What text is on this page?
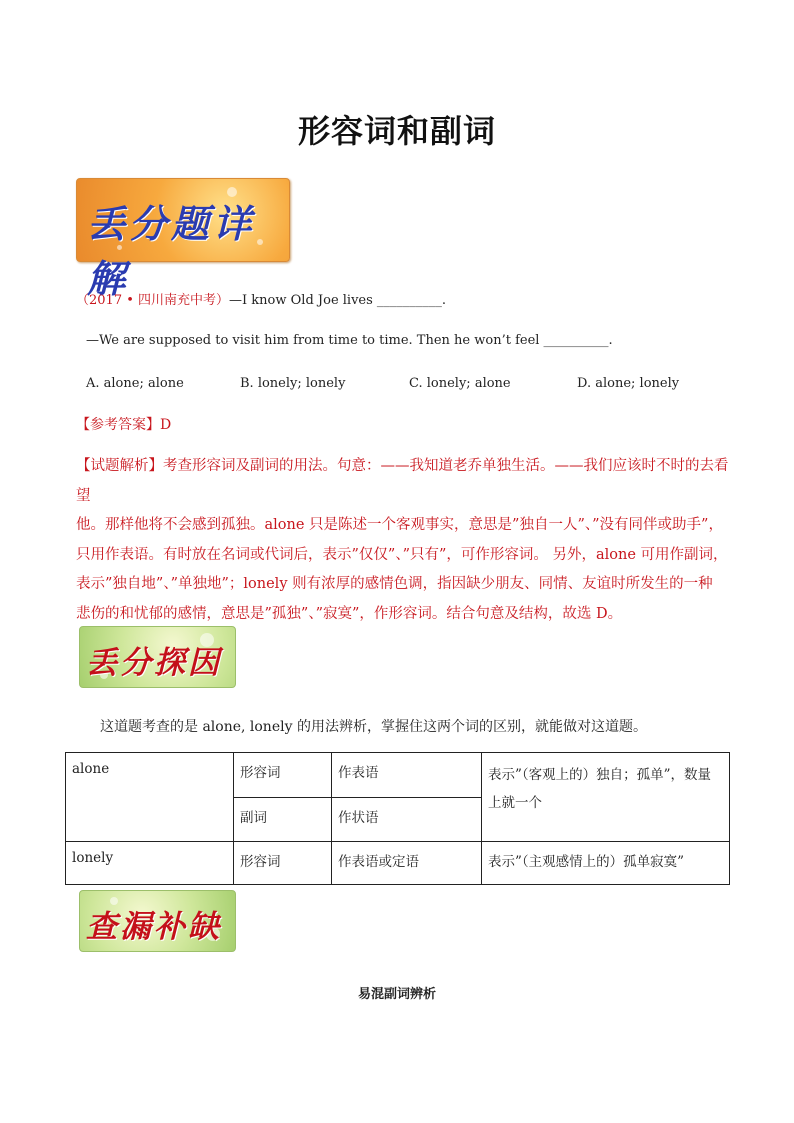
形容词和副词
丢分题详解
（2017 • 四川南充中考）—I know Old Joe lives __________.
—We are supposed to visit him from time to time. Then he won’t feel __________.
A. alone; alone	B. lonely; lonely	C. lonely; alone	D. alone; lonely
【参考答案】D
【试题解析】考查形容词及副词的用法。句意：——我知道老乔单独生活。——我们应该时不时的去看望
他。那样他将不会感到孤独。alone 只是陈述一个客观事实，意思是”独自一人”、”没有同伴或助手”，
只用作表语。有时放在名词或代词后，表示”仅仅”、”只有”，可作形容词。 另外，alone 可用作副词，
表示”独自地”、”单独地”；lonely 则有浓厚的感情色调，指因缺少朋友、同情、友谊时所发生的一种
悲伤的和忧郁的感情，意思是”孤独”、”寂寞”，作形容词。结合句意及结构，故选 D。
丢分探因
这道题考查的是 alone, lonely 的用法辨析，掌握住这两个词的区别，就能做对这道题。
alone	形容词	作表语	表示”（客观上的）独自；孤单”，数量上就一个
	副词	作状语	
lonely	形容词	作表语或定语	表示”（主观感情上的）孤单寂寞”
查漏补缺
易混副词辨析
